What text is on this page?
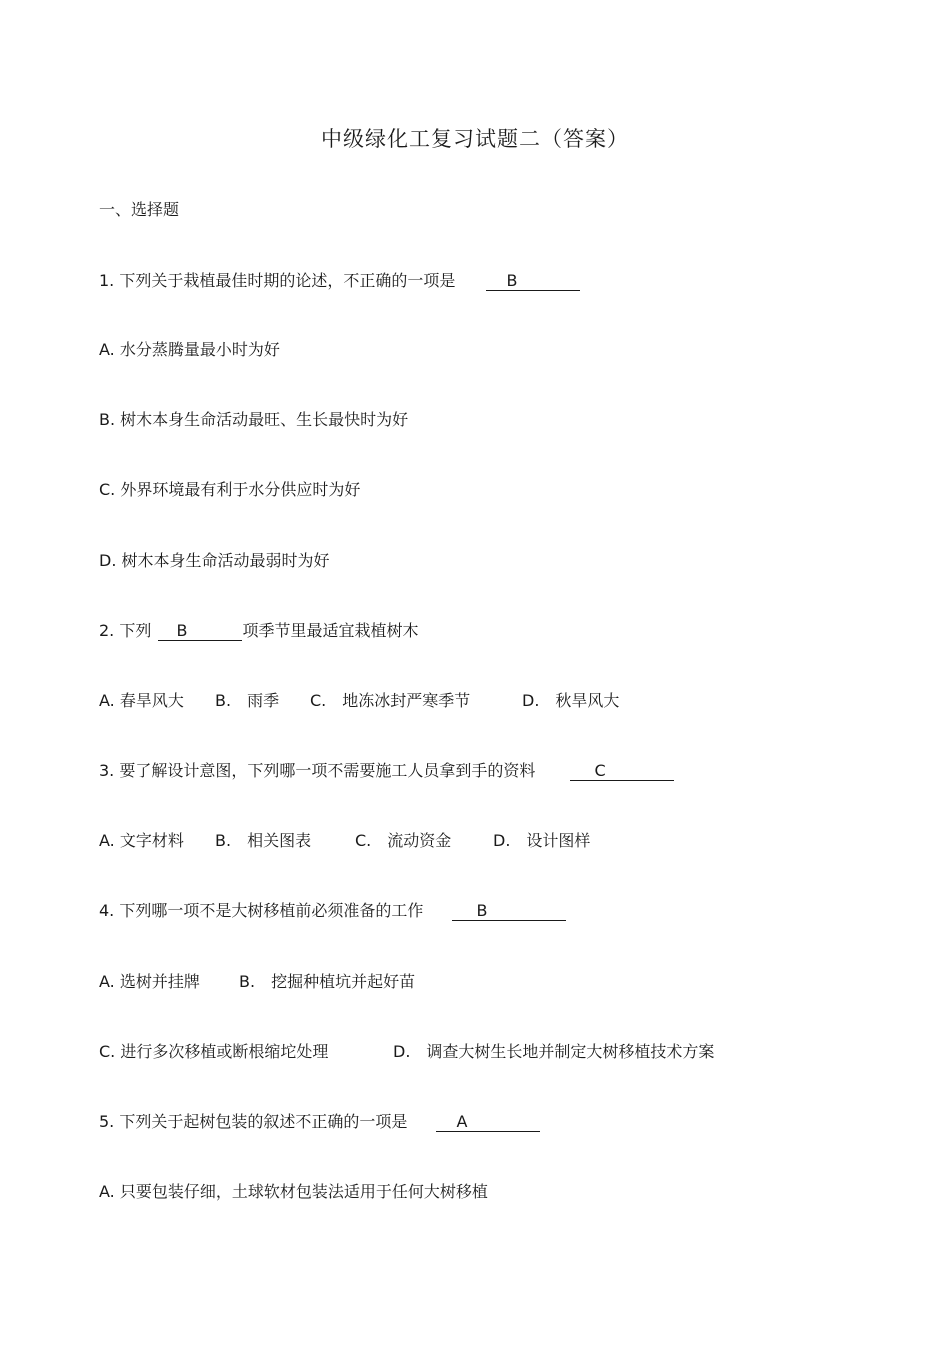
中级绿化工复习试题二（答案）
一、选择题
1. 下列关于栽植最佳时期的论述，不正确的一项是	B
A. 水分蒸腾量最小时为好
B. 树木本身生命活动最旺、生长最快时为好
C. 外界环境最有利于水分供应时为好
D. 树木本身生命活动最弱时为好
2. 下列 B	项季节里最适宜栽植树木
A. 春旱风大 B.　雨季 C.　地冻冰封严寒季节	D.　秋旱风大
3. 要了解设计意图，下列哪一项不需要施工人员拿到手的资料	C
A. 文字材料 B.　相关图表	C.　流动资金	D.　设计图样
4. 下列哪一项不是大树移植前必须准备的工作	B
A. 选树并挂牌 B.　挖掘种植坑并起好苗
C. 进行多次移植或断根缩坨处理	D.　调查大树生长地并制定大树移植技术方案
5. 下列关于起树包装的叙述不正确的一项是	A
A. 只要包装仔细，土球软材包装法适用于任何大树移植
